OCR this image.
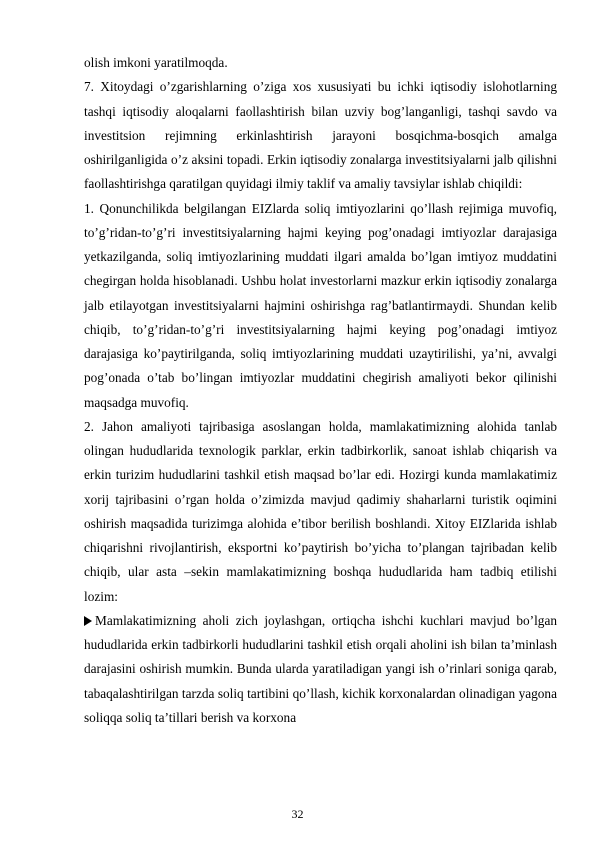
olish imkoni yaratilmoqda.

7. Xitoydagi o’zgarishlarning o’ziga xos xususiyati bu ichki iqtisodiy islohotlarning tashqi iqtisodiy aloqalarni faollashtirish bilan uzviy bog’langanligi, tashqi savdo va investitsion rejimning erkinlashtirish jarayoni bosqichma-bosqich amalga oshirilganligida o’z aksini topadi. Erkin iqtisodiy zonalarga investitsiyalarni jalb qilishni faollashtirishga qaratilgan quyidagi ilmiy taklif va amaliy tavsiylar ishlab chiqildi:

1. Qonunchilikda belgilangan EIZlarda soliq imtiyozlarini qo’llash rejimiga muvofiq, to’g’ridan-to’g’ri investitsiyalarning hajmi keying pog’onadagi imtiyozlar darajasiga yetkazilganda, soliq imtiyozlarining muddati ilgari amalda bo’lgan imtiyoz muddatini chegirgan holda hisoblanadi. Ushbu holat investorlarni mazkur erkin iqtisodiy zonalarga jalb etilayotgan investitsiyalarni hajmini oshirishga rag’batlantirmaydi. Shundan kelib chiqib, to’g’ridan-to’g’ri investitsiyalarning hajmi keying pog’onadagi imtiyoz darajasiga ko’paytirilganda, soliq imtiyozlarining muddati uzaytirilishi, ya’ni, avvalgi pog’onada o’tab bo’lingan imtiyozlar muddatini chegirish amaliyoti bekor qilinishi maqsadga muvofiq.

2. Jahon amaliyoti tajribasiga asoslangan holda, mamlakatimizning alohida tanlab olingan hududlarida texnologik parklar, erkin tadbirkorlik, sanoat ishlab chiqarish va erkin turizim hududlarini tashkil etish maqsad bo’lar edi. Hozirgi kunda mamlakatimiz xorij tajribasini o’rgan holda o’zimizda mavjud qadimiy shaharlarni turistik oqimini oshirish maqsadida turizimga alohida e’tibor berilish boshlandi. Xitoy EIZlarida ishlab chiqarishni rivojlantirish, eksportni ko’paytirish bo’yicha to’plangan tajribadan kelib chiqib, ular asta –sekin mamlakatimizning boshqa hududlarida ham tadbiq etilishi lozim:

Mamlakatimizning aholi zich joylashgan, ortiqcha ishchi kuchlari mavjud bo’lgan hududlarida erkin tadbirkorli hududlarini tashkil etish orqali aholini ish bilan ta’minlash darajasini oshirish mumkin. Bunda ularda yaratiladigan yangi ish o’rinlari soniga qarab, tabaqalashtirilgan tarzda soliq tartibini qo’llash, kichik korxonalardan olinadigan yagona soliqqa soliq ta’tillari berish va korxona

32
